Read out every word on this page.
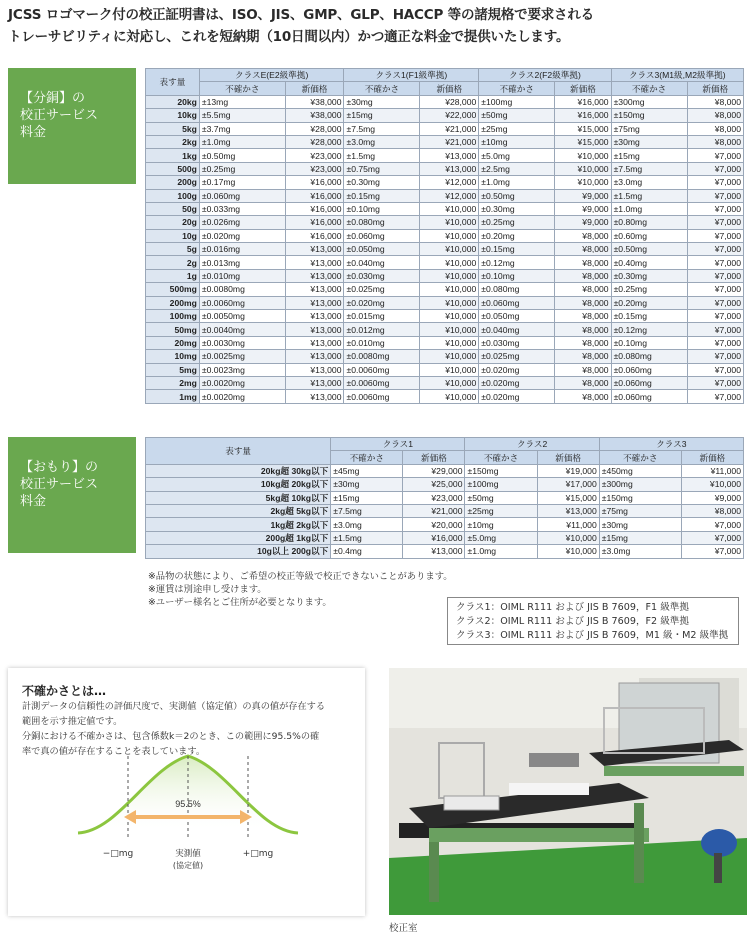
JCSS ロゴマーク付の校正証明書は、ISO、JIS、GMP、GLP、HACCP 等の諸規格で要求される
トレーサビリティに対応し、これを短納期（10日間以内）かつ適正な料金で提供いたします。
【分銅】の
校正サービス
料金
表す量	クラスE(E2級準拠)		クラス1(F1級準拠)		クラス2(F2級準拠)		クラス3(M1級,M2級準拠)	
	不確かさ	新価格	不確かさ	新価格	不確かさ	新価格	不確かさ	新価格
20kg	±13mg	¥38,000	±30mg	¥28,000	±100mg	¥16,000	±300mg	¥8,000
10kg	±5.5mg	¥38,000	±15mg	¥22,000	±50mg	¥16,000	±150mg	¥8,000
5kg	±3.7mg	¥28,000	±7.5mg	¥21,000	±25mg	¥15,000	±75mg	¥8,000
2kg	±1.0mg	¥28,000	±3.0mg	¥21,000	±10mg	¥15,000	±30mg	¥8,000
1kg	±0.50mg	¥23,000	±1.5mg	¥13,000	±5.0mg	¥10,000	±15mg	¥7,000
500g	±0.25mg	¥23,000	±0.75mg	¥13,000	±2.5mg	¥10,000	±7.5mg	¥7,000
200g	±0.17mg	¥16,000	±0.30mg	¥12,000	±1.0mg	¥10,000	±3.0mg	¥7,000
100g	±0.060mg	¥16,000	±0.15mg	¥12,000	±0.50mg	¥9,000	±1.5mg	¥7,000
50g	±0.033mg	¥16,000	±0.10mg	¥10,000	±0.30mg	¥9,000	±1.0mg	¥7,000
20g	±0.026mg	¥16,000	±0.080mg	¥10,000	±0.25mg	¥9,000	±0.80mg	¥7,000
10g	±0.020mg	¥16,000	±0.060mg	¥10,000	±0.20mg	¥8,000	±0.60mg	¥7,000
5g	±0.016mg	¥13,000	±0.050mg	¥10,000	±0.15mg	¥8,000	±0.50mg	¥7,000
2g	±0.013mg	¥13,000	±0.040mg	¥10,000	±0.12mg	¥8,000	±0.40mg	¥7,000
1g	±0.010mg	¥13,000	±0.030mg	¥10,000	±0.10mg	¥8,000	±0.30mg	¥7,000
500mg	±0.0080mg	¥13,000	±0.025mg	¥10,000	±0.080mg	¥8,000	±0.25mg	¥7,000
200mg	±0.0060mg	¥13,000	±0.020mg	¥10,000	±0.060mg	¥8,000	±0.20mg	¥7,000
100mg	±0.0050mg	¥13,000	±0.015mg	¥10,000	±0.050mg	¥8,000	±0.15mg	¥7,000
50mg	±0.0040mg	¥13,000	±0.012mg	¥10,000	±0.040mg	¥8,000	±0.12mg	¥7,000
20mg	±0.0030mg	¥13,000	±0.010mg	¥10,000	±0.030mg	¥8,000	±0.10mg	¥7,000
10mg	±0.0025mg	¥13,000	±0.0080mg	¥10,000	±0.025mg	¥8,000	±0.080mg	¥7,000
5mg	±0.0023mg	¥13,000	±0.0060mg	¥10,000	±0.020mg	¥8,000	±0.060mg	¥7,000
2mg	±0.0020mg	¥13,000	±0.0060mg	¥10,000	±0.020mg	¥8,000	±0.060mg	¥7,000
1mg	±0.0020mg	¥13,000	±0.0060mg	¥10,000	±0.020mg	¥8,000	±0.060mg	¥7,000
【おもり】の
校正サービス
料金
表す量	クラス1		クラス2		クラス3	
	不確かさ	新価格	不確かさ	新価格	不確かさ	新価格
20kg超 30kg以下	±45mg	¥29,000	±150mg	¥19,000	±450mg	¥11,000
10kg超 20kg以下	±30mg	¥25,000	±100mg	¥17,000	±300mg	¥10,000
5kg超 10kg以下	±15mg	¥23,000	±50mg	¥15,000	±150mg	¥9,000
2kg超 5kg以下	±7.5mg	¥21,000	±25mg	¥13,000	±75mg	¥8,000
1kg超 2kg以下	±3.0mg	¥20,000	±10mg	¥11,000	±30mg	¥7,000
200g超 1kg以下	±1.5mg	¥16,000	±5.0mg	¥10,000	±15mg	¥7,000
10g以上 200g以下	±0.4mg	¥13,000	±1.0mg	¥10,000	±3.0mg	¥7,000
※品物の状態により、ご希望の校正等級で校正できないことがあります。
※運賃は別途申し受けます。
※ユーザー様名とご住所が必要となります。	クラス1：OIML R111 および JIS B 7609，F1 級準拠
クラス2：OIML R111 および JIS B 7609，F2 級準拠
クラス3：OIML R111 および JIS B 7609，M1 級・M2 級準拠
不確かさとは…
計測データの信頼性の評価尺度で、実測値（協定値）の真の値が存在する
範囲を示す推定値です。
分銅における不確かさは、包含係数k＝2のとき、この範囲に95.5%の確
率で真の値が存在することを表しています。
95.5%
−□mg	実測値
(協定値)
+□mg
校正室
